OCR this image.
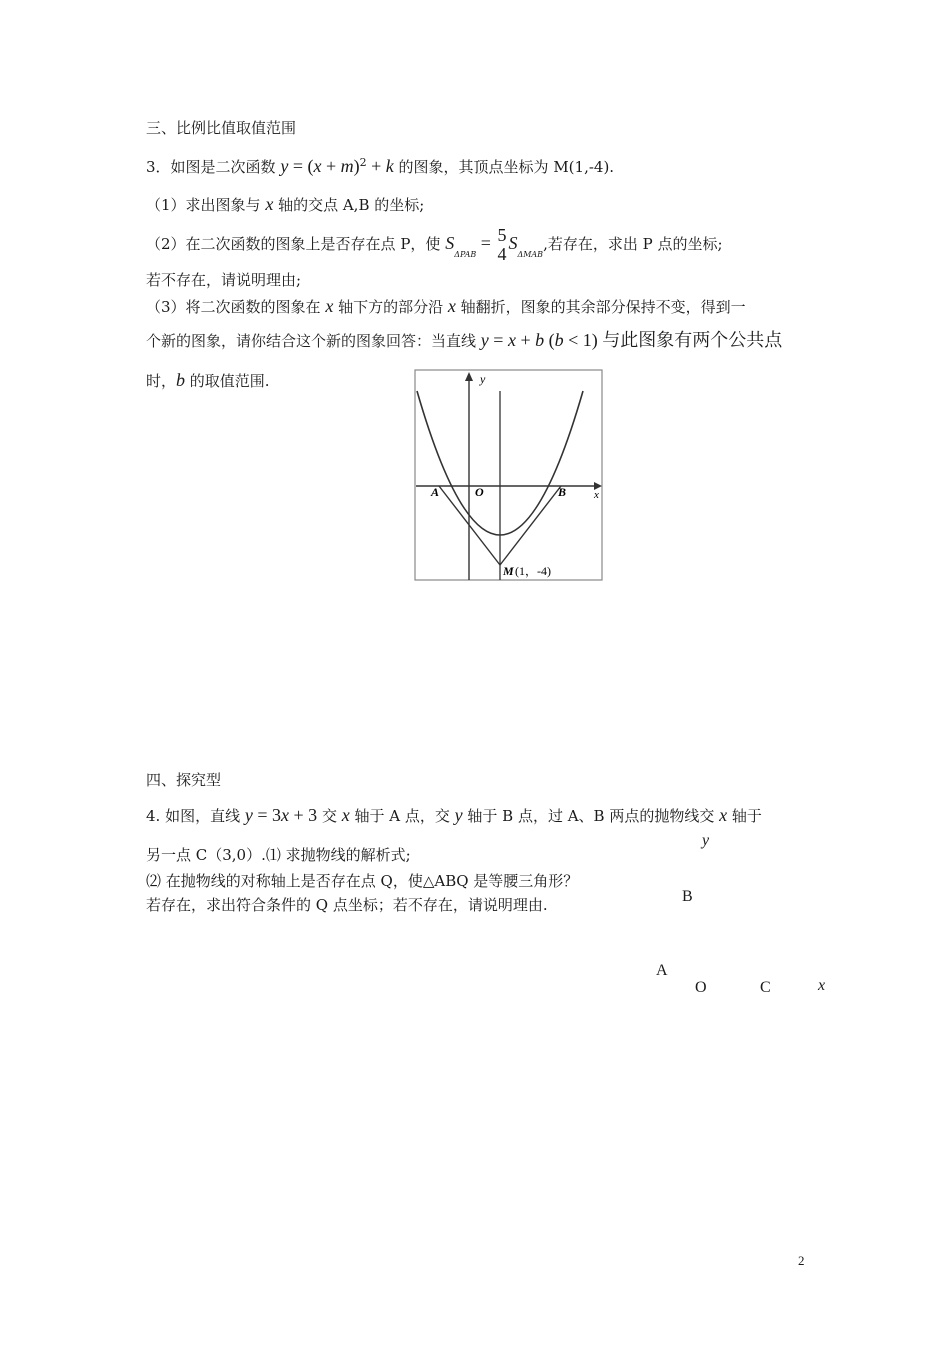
三、比例比值取值范围

3．如图是二次函数 $y = (x + m)^2 + k$ 的图象，其顶点坐标为 M(1,-4).

（1）求出图象与 x 轴的交点 A,B 的坐标;

（2）在二次函数的图象上是否存在点 P，使 $S_{\Delta PAB} = 5$
4
$S_{\Delta MAB}$,若存在，求出 P 点的坐标;

若不存在，请说明理由;

（3）将二次函数的图象在 x 轴下方的部分沿 x 轴翻折，图象的其余部分保持不变，得到一

个新的图象，请你结合这个新的图象回答：当直线 y = x + b (b < 1) 与此图象有两个公共点

时，b 的取值范围.	y
x
A	O	B
M (1，-4)

四、探究型

4. 如图，直线 y = 3x + 3 交 x 轴于 A 点，交 y 轴于 B 点，过 A、B 两点的抛物线交 x 轴于

另一点 C（3,0）.⑴ 求抛物线的解析式;

⑵ 在抛物线的对称轴上是否存在点 Q，使△ABQ 是等腰三角形？

若存在，求出符合条件的 Q 点坐标；若不存在，请说明理由.

y
B
A
O	C	x
2
